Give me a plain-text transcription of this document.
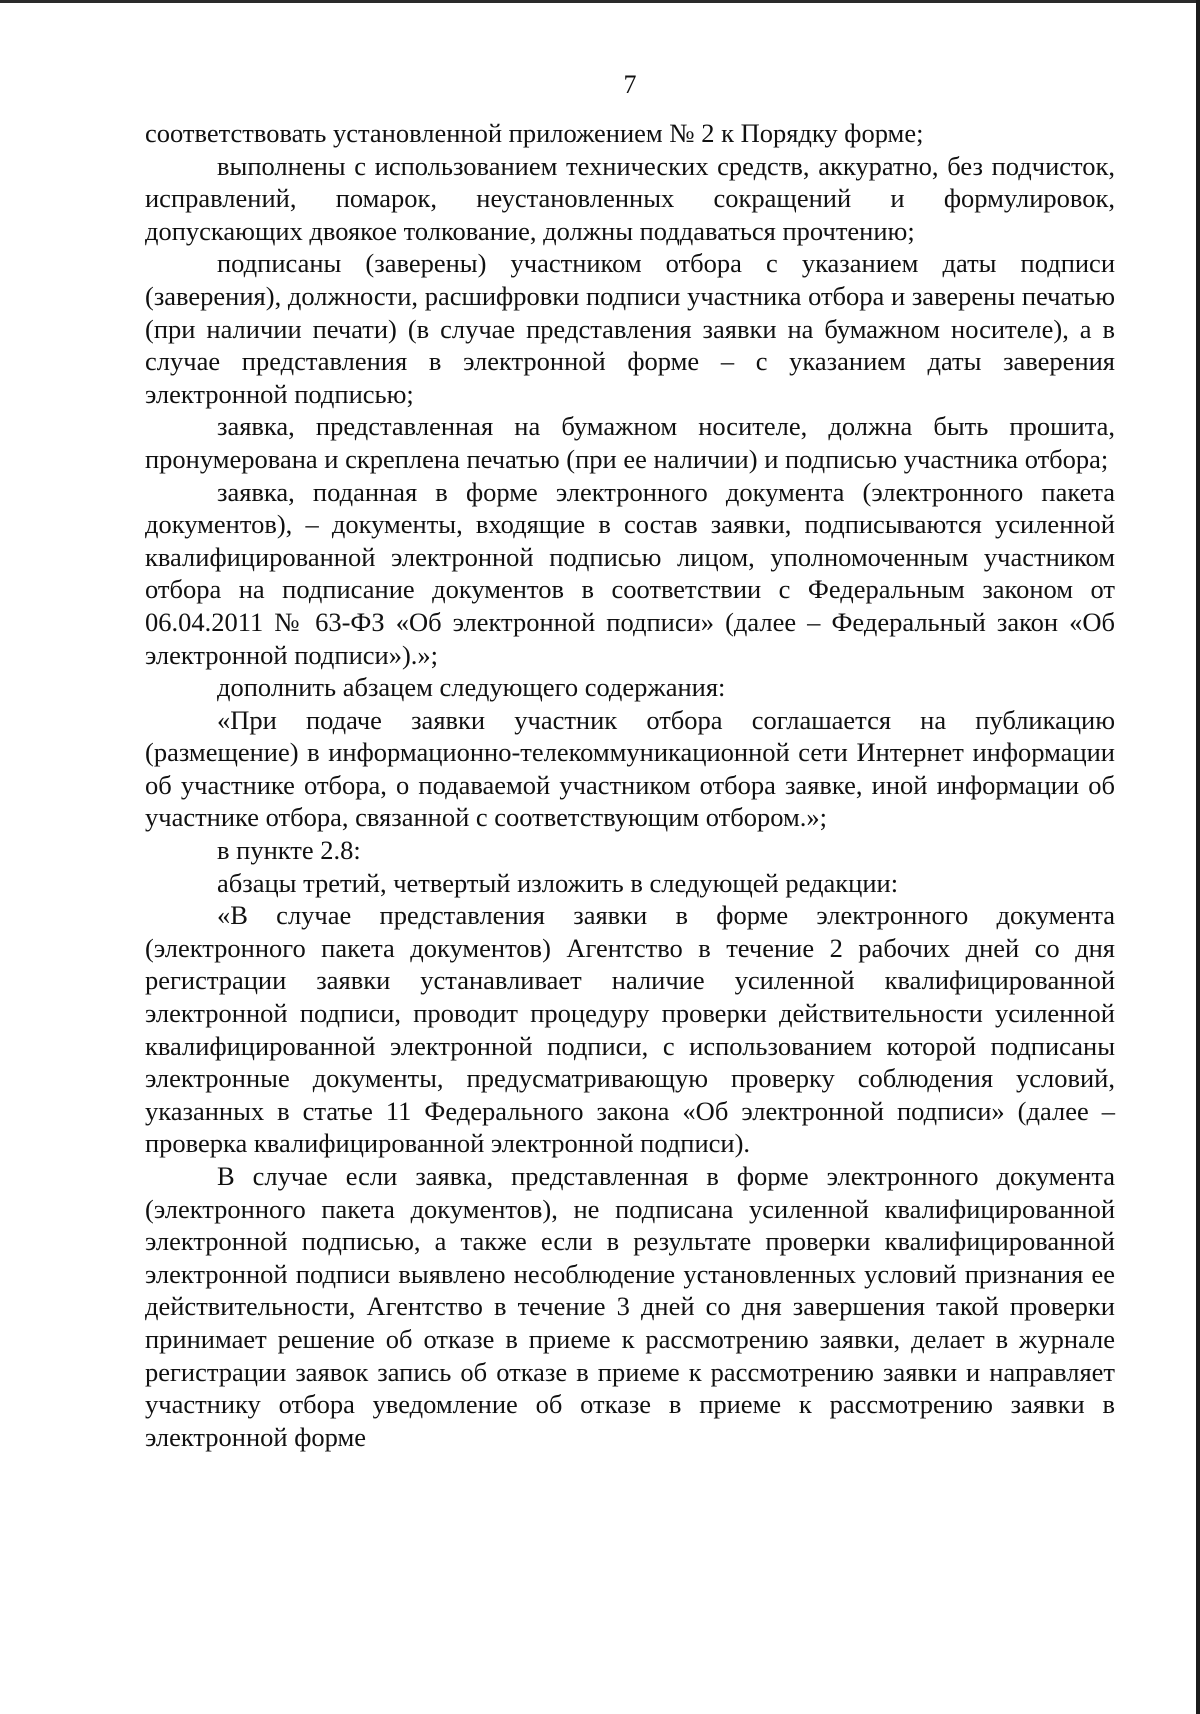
7

соответствовать установленной приложением № 2 к Порядку форме;

выполнены с использованием технических средств, аккуратно, без подчисток, исправлений, помарок, неустановленных сокращений и формулировок, допускающих двоякое толкование, должны поддаваться прочтению;

подписаны (заверены) участником отбора с указанием даты подписи (заверения), должности, расшифровки подписи участника отбора и заверены печатью (при наличии печати) (в случае представления заявки на бумажном носителе), а в случае представления в электронной форме – с указанием даты заверения электронной подписью;

заявка, представленная на бумажном носителе, должна быть прошита, пронумерована и скреплена печатью (при ее наличии) и подписью участника отбора;

заявка, поданная в форме электронного документа (электронного пакета документов), – документы, входящие в состав заявки, подписываются усиленной квалифицированной электронной подписью лицом, уполномоченным участником отбора на подписание документов в соответствии с Федеральным законом от 06.04.2011 № 63-ФЗ «Об электронной подписи» (далее – Федеральный закон «Об электронной подписи»).»;

дополнить абзацем следующего содержания:

«При подаче заявки участник отбора соглашается на публикацию (размещение) в информационно-телекоммуникационной сети Интернет информации об участнике отбора, о подаваемой участником отбора заявке, иной информации об участнике отбора, связанной с соответствующим отбором.»;

в пункте 2.8:

абзацы третий, четвертый изложить в следующей редакции:

«В случае представления заявки в форме электронного документа (электронного пакета документов) Агентство в течение 2 рабочих дней со дня регистрации заявки устанавливает наличие усиленной квалифицированной электронной подписи, проводит процедуру проверки действительности усиленной квалифицированной электронной подписи, с использованием которой подписаны электронные документы, предусматривающую проверку соблюдения условий, указанных в статье 11 Федерального закона «Об электронной подписи» (далее – проверка квалифицированной электронной подписи).

В случае если заявка, представленная в форме электронного документа (электронного пакета документов), не подписана усиленной квалифицированной электронной подписью, а также если в результате проверки квалифицированной электронной подписи выявлено несоблюдение установленных условий признания ее действительности, Агентство в течение 3 дней со дня завершения такой проверки принимает решение об отказе в приеме к рассмотрению заявки, делает в журнале регистрации заявок запись об отказе в приеме к рассмотрению заявки и направляет участнику отбора уведомление об отказе в приеме к рассмотрению заявки в электронной форме
